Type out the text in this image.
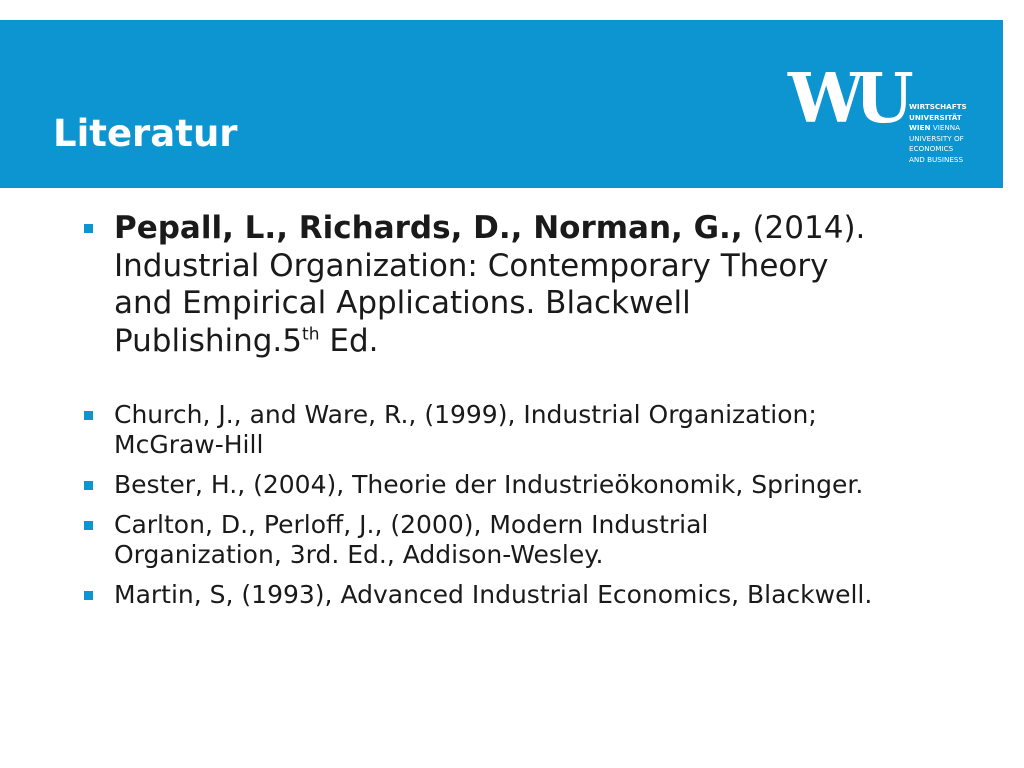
Literatur	WU WIRTSCHAFTS
UNIVERSITÄT
WIEN VIENNA
UNIVERSITY OF
ECONOMICS
AND BUSINESS
Pepall, L., Richards, D., Norman, G., (2014). Industrial Organization: Contemporary Theory and Empirical Applications. Blackwell Publishing.5th Ed.
Church, J., and Ware, R., (1999), Industrial Organization; McGraw-Hill
Bester, H., (2004), Theorie der Industrieökonomik, Springer.
Carlton, D., Perloff, J., (2000), Modern Industrial Organization, 3rd. Ed., Addison-Wesley.
Martin, S, (1993), Advanced Industrial Economics, Blackwell.
